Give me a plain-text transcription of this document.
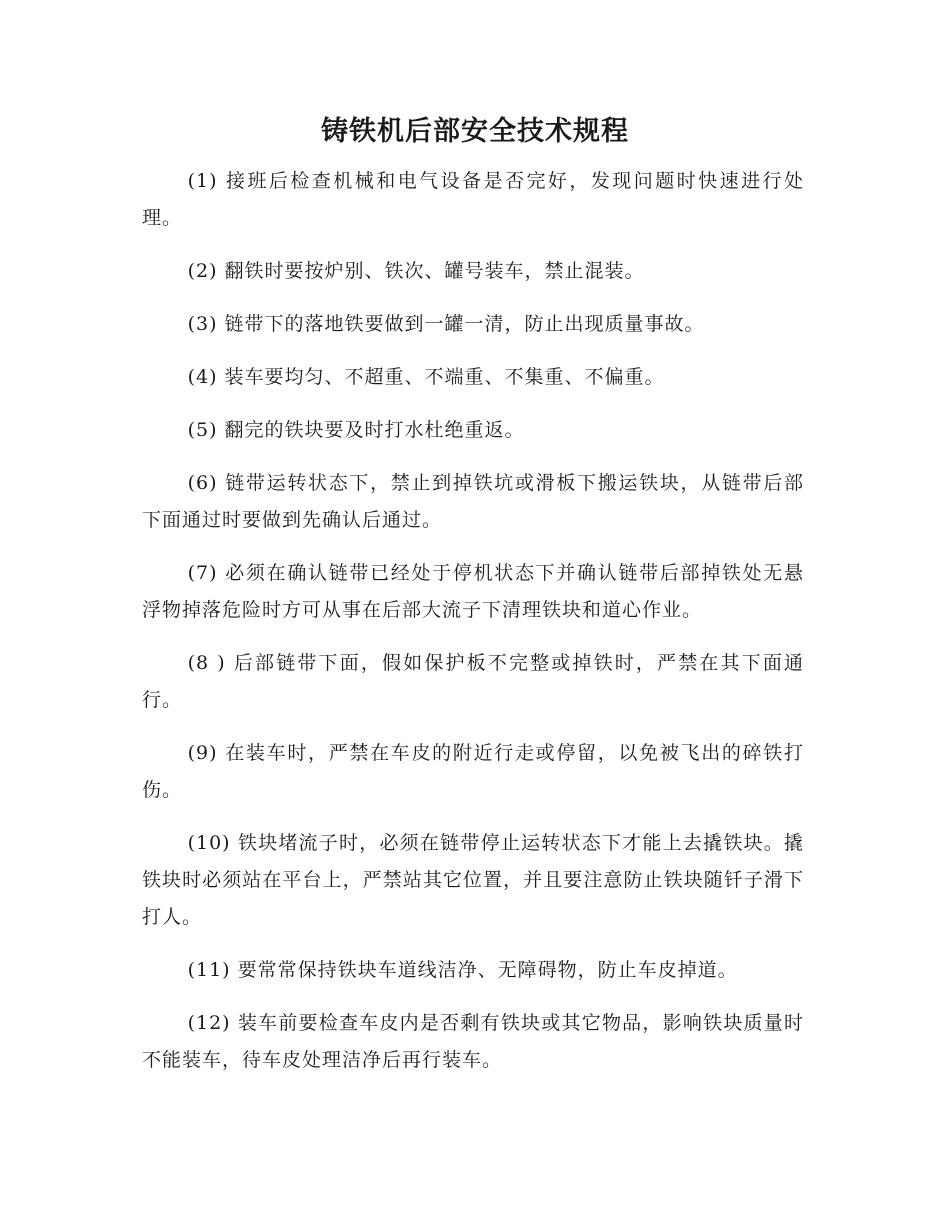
铸铁机后部安全技术规程

(1) 接班后检查机械和电气设备是否完好，发现问题时快速进行处理。

(2) 翻铁时要按炉别、铁次、罐号装车，禁止混装。

(3) 链带下的落地铁要做到一罐一清，防止出现质量事故。

(4) 装车要均匀、不超重、不端重、不集重、不偏重。

(5) 翻完的铁块要及时打水杜绝重返。

(6) 链带运转状态下，禁止到掉铁坑或滑板下搬运铁块，从链带后部下面通过时要做到先确认后通过。

(7) 必须在确认链带已经处于停机状态下并确认链带后部掉铁处无悬浮物掉落危险时方可从事在后部大流子下清理铁块和道心作业。

(8 ) 后部链带下面，假如保护板不完整或掉铁时，严禁在其下面通行。

(9) 在装车时，严禁在车皮的附近行走或停留，以免被飞出的碎铁打伤。

(10) 铁块堵流子时，必须在链带停止运转状态下才能上去撬铁块。撬铁块时必须站在平台上，严禁站其它位置，并且要注意防止铁块随钎子滑下打人。

(11) 要常常保持铁块车道线洁净、无障碍物，防止车皮掉道。

(12) 装车前要检查车皮内是否剩有铁块或其它物品，影响铁块质量时不能装车，待车皮处理洁净后再行装车。
